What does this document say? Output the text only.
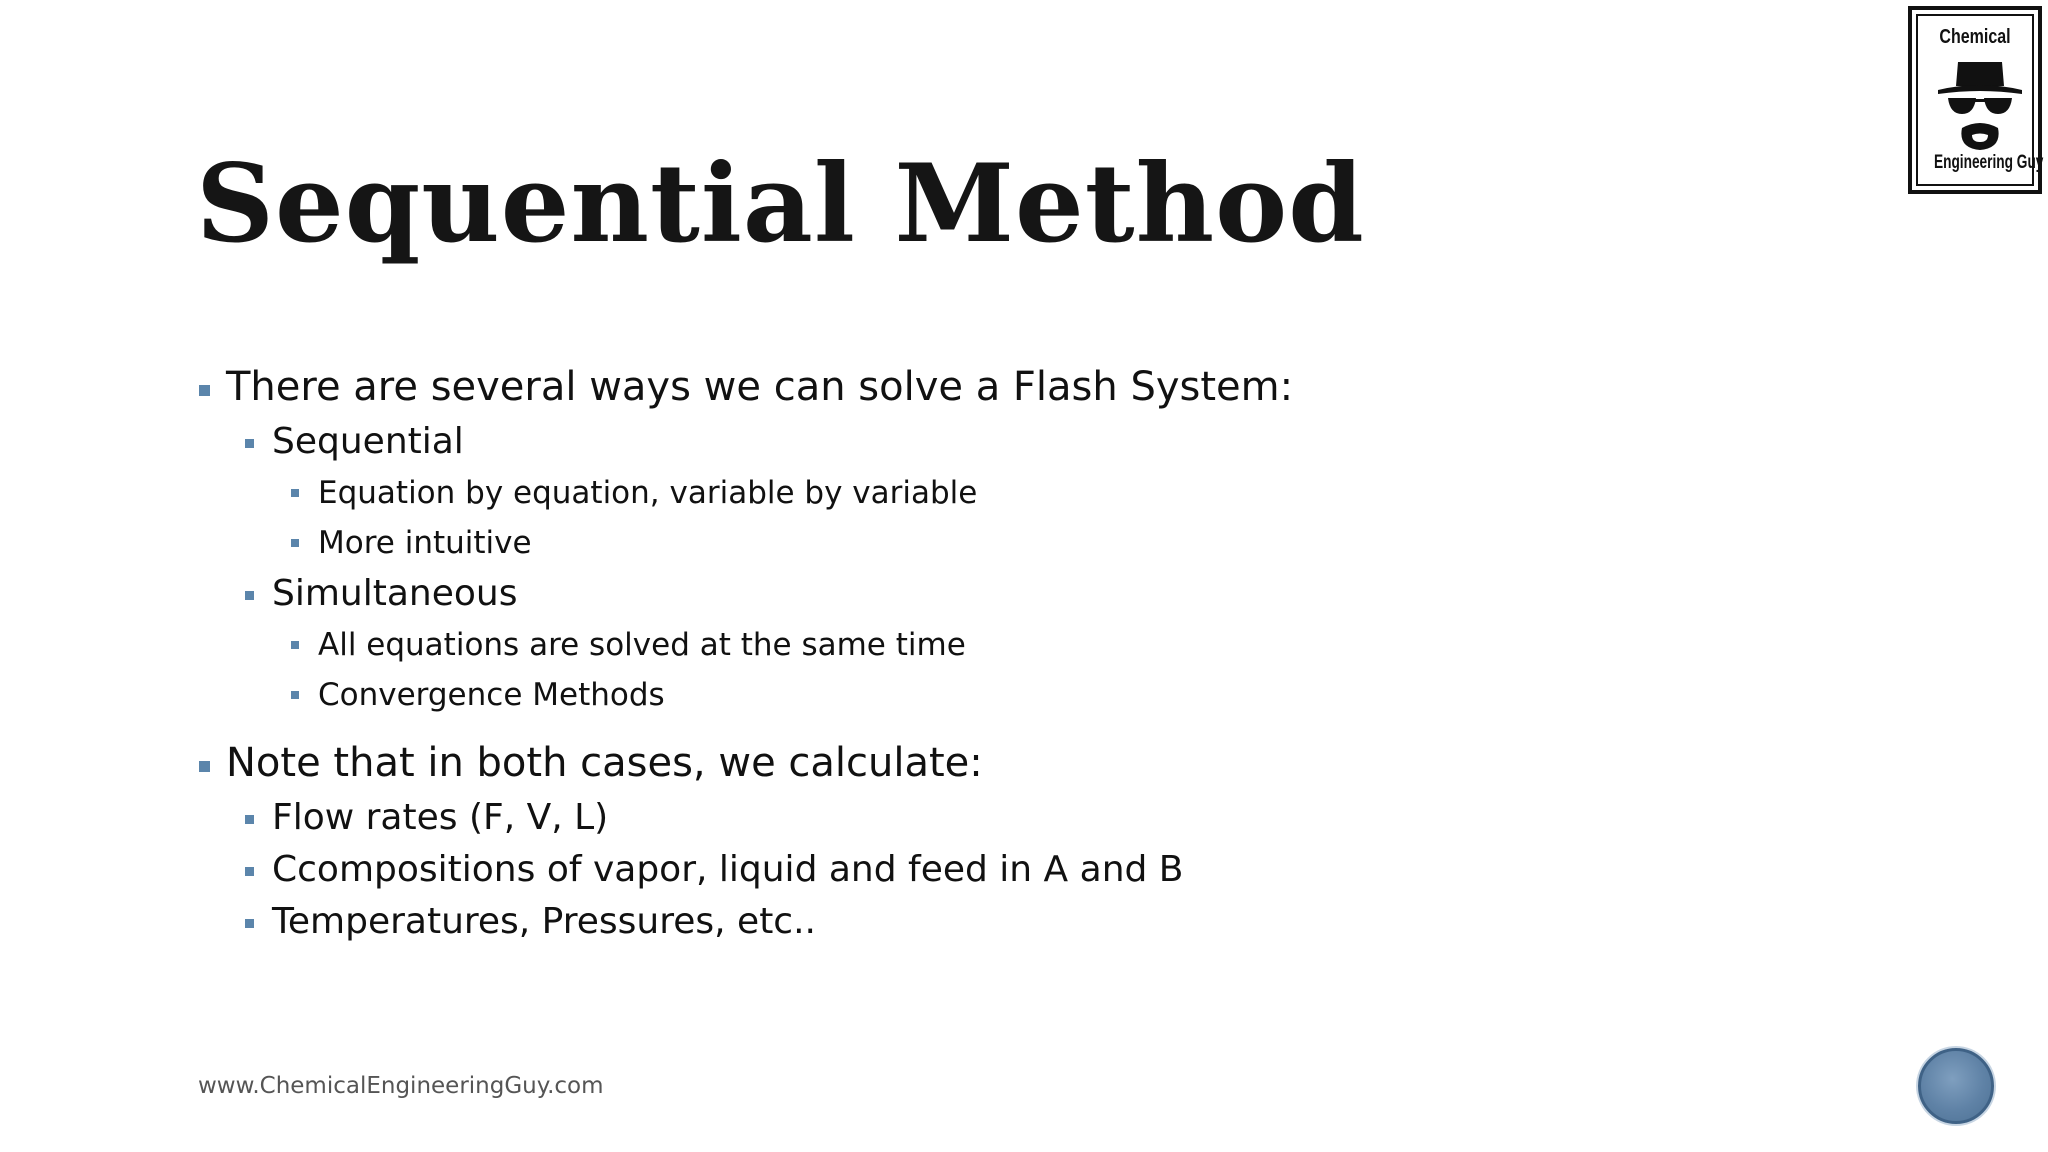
Sequential Method
There are several ways we can solve a Flash System:
Sequential
Equation by equation, variable by variable
More intuitive
Simultaneous
All equations are solved at the same time
Convergence Methods
Note that in both cases, we calculate:
Flow rates (F, V, L)
Ccompositions of vapor, liquid and feed in A and B
Temperatures, Pressures, etc..
www.ChemicalEngineeringGuy.com
Chemical
Engineering Guy
